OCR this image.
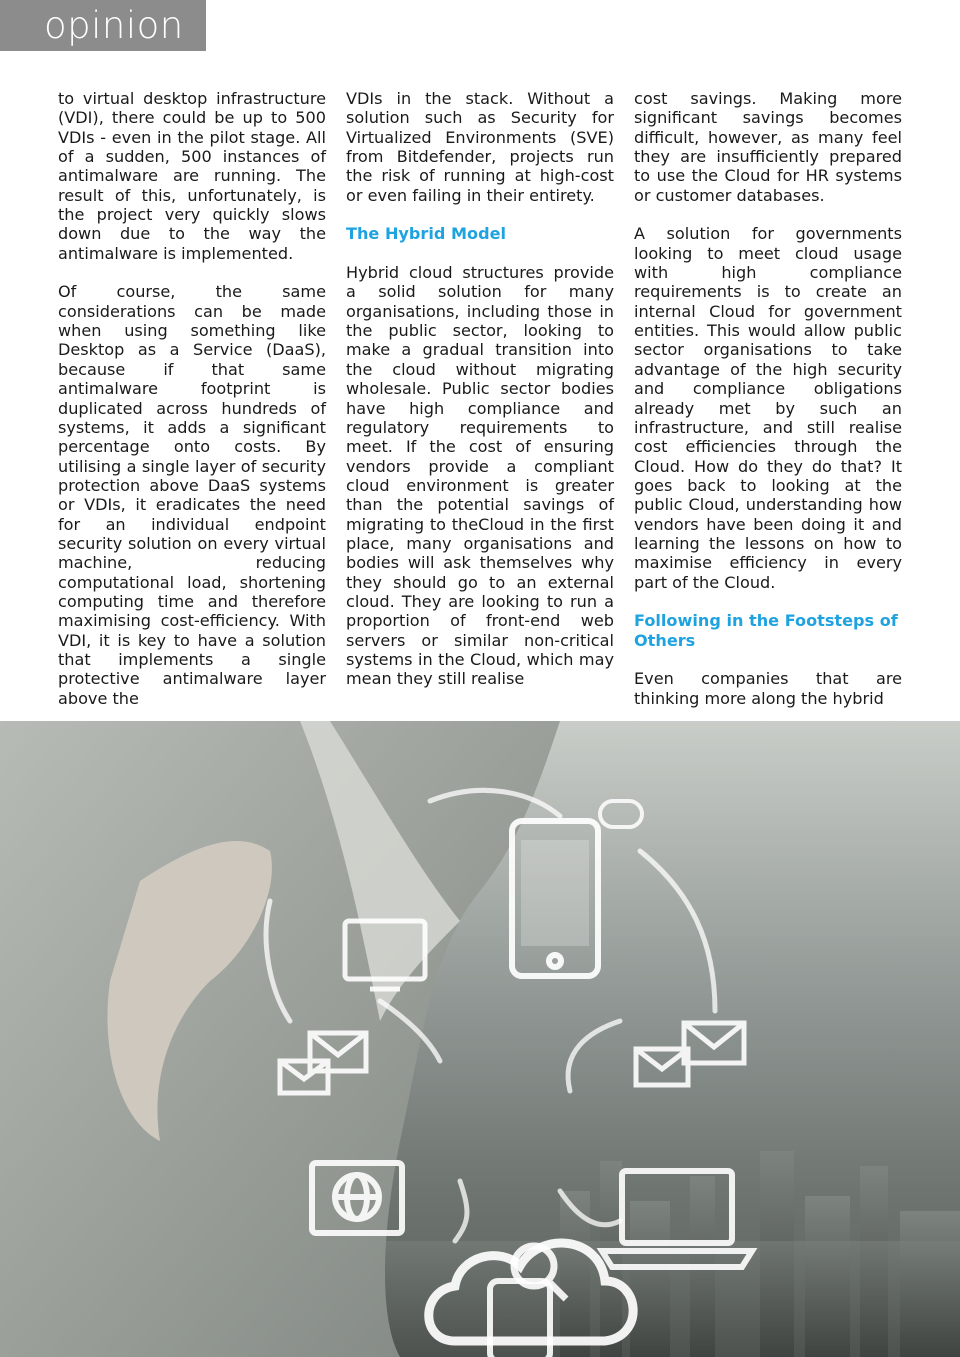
opinion

to virtual desktop infrastructure (VDI), there could be up to 500 VDIs - even in the pilot stage. All of a sudden, 500 instances of antimalware are running. The result of this, unfortunately, is the project very quickly slows down due to the way the antimalware is implemented.

Of course, the same considerations can be made when using something like Desktop as a Service (DaaS), because if that same antimalware footprint is duplicated across hundreds of systems, it adds a significant percentage onto costs. By utilising a single layer of security protection above DaaS systems or VDIs, it eradicates the need for an individual endpoint security solution on every virtual machine, reducing computational load, shortening computing time and therefore maximising cost-efficiency. With VDI, it is key to have a solution that implements a single protective antimalware layer above the

VDIs in the stack. Without a solution such as Security for Virtualized Environments (SVE) from Bitdefender, projects run the risk of running at high-cost or even failing in their entirety.

The Hybrid Model

Hybrid cloud structures provide a solid solution for many organisations, including those in the public sector, looking to make a gradual transition into the cloud without migrating wholesale. Public sector bodies have high compliance and regulatory requirements to meet. If the cost of ensuring vendors provide a compliant cloud environment is greater than the potential savings of migrating to theCloud in the first place, many organisations and bodies will ask themselves why they should go to an external cloud. They are looking to run a proportion of front-end web servers or similar non-critical systems in the Cloud, which may mean they still realise

cost savings. Making more significant savings becomes difficult, however, as many feel they are insufficiently prepared to use the Cloud for HR systems or customer databases.

A solution for governments looking to meet cloud usage with high compliance requirements is to create an internal Cloud for government entities. This would allow public sector organisations to take advantage of the high security and compliance obligations already met by such an infrastructure, and still realise cost efficiencies through the Cloud. How do they do that? It goes back to looking at the public Cloud, understanding how vendors have been doing it and learning the lessons on how to maximise efficiency in every part of the Cloud.

Following in the Footsteps of Others

Even companies that are thinking more along the hybrid
